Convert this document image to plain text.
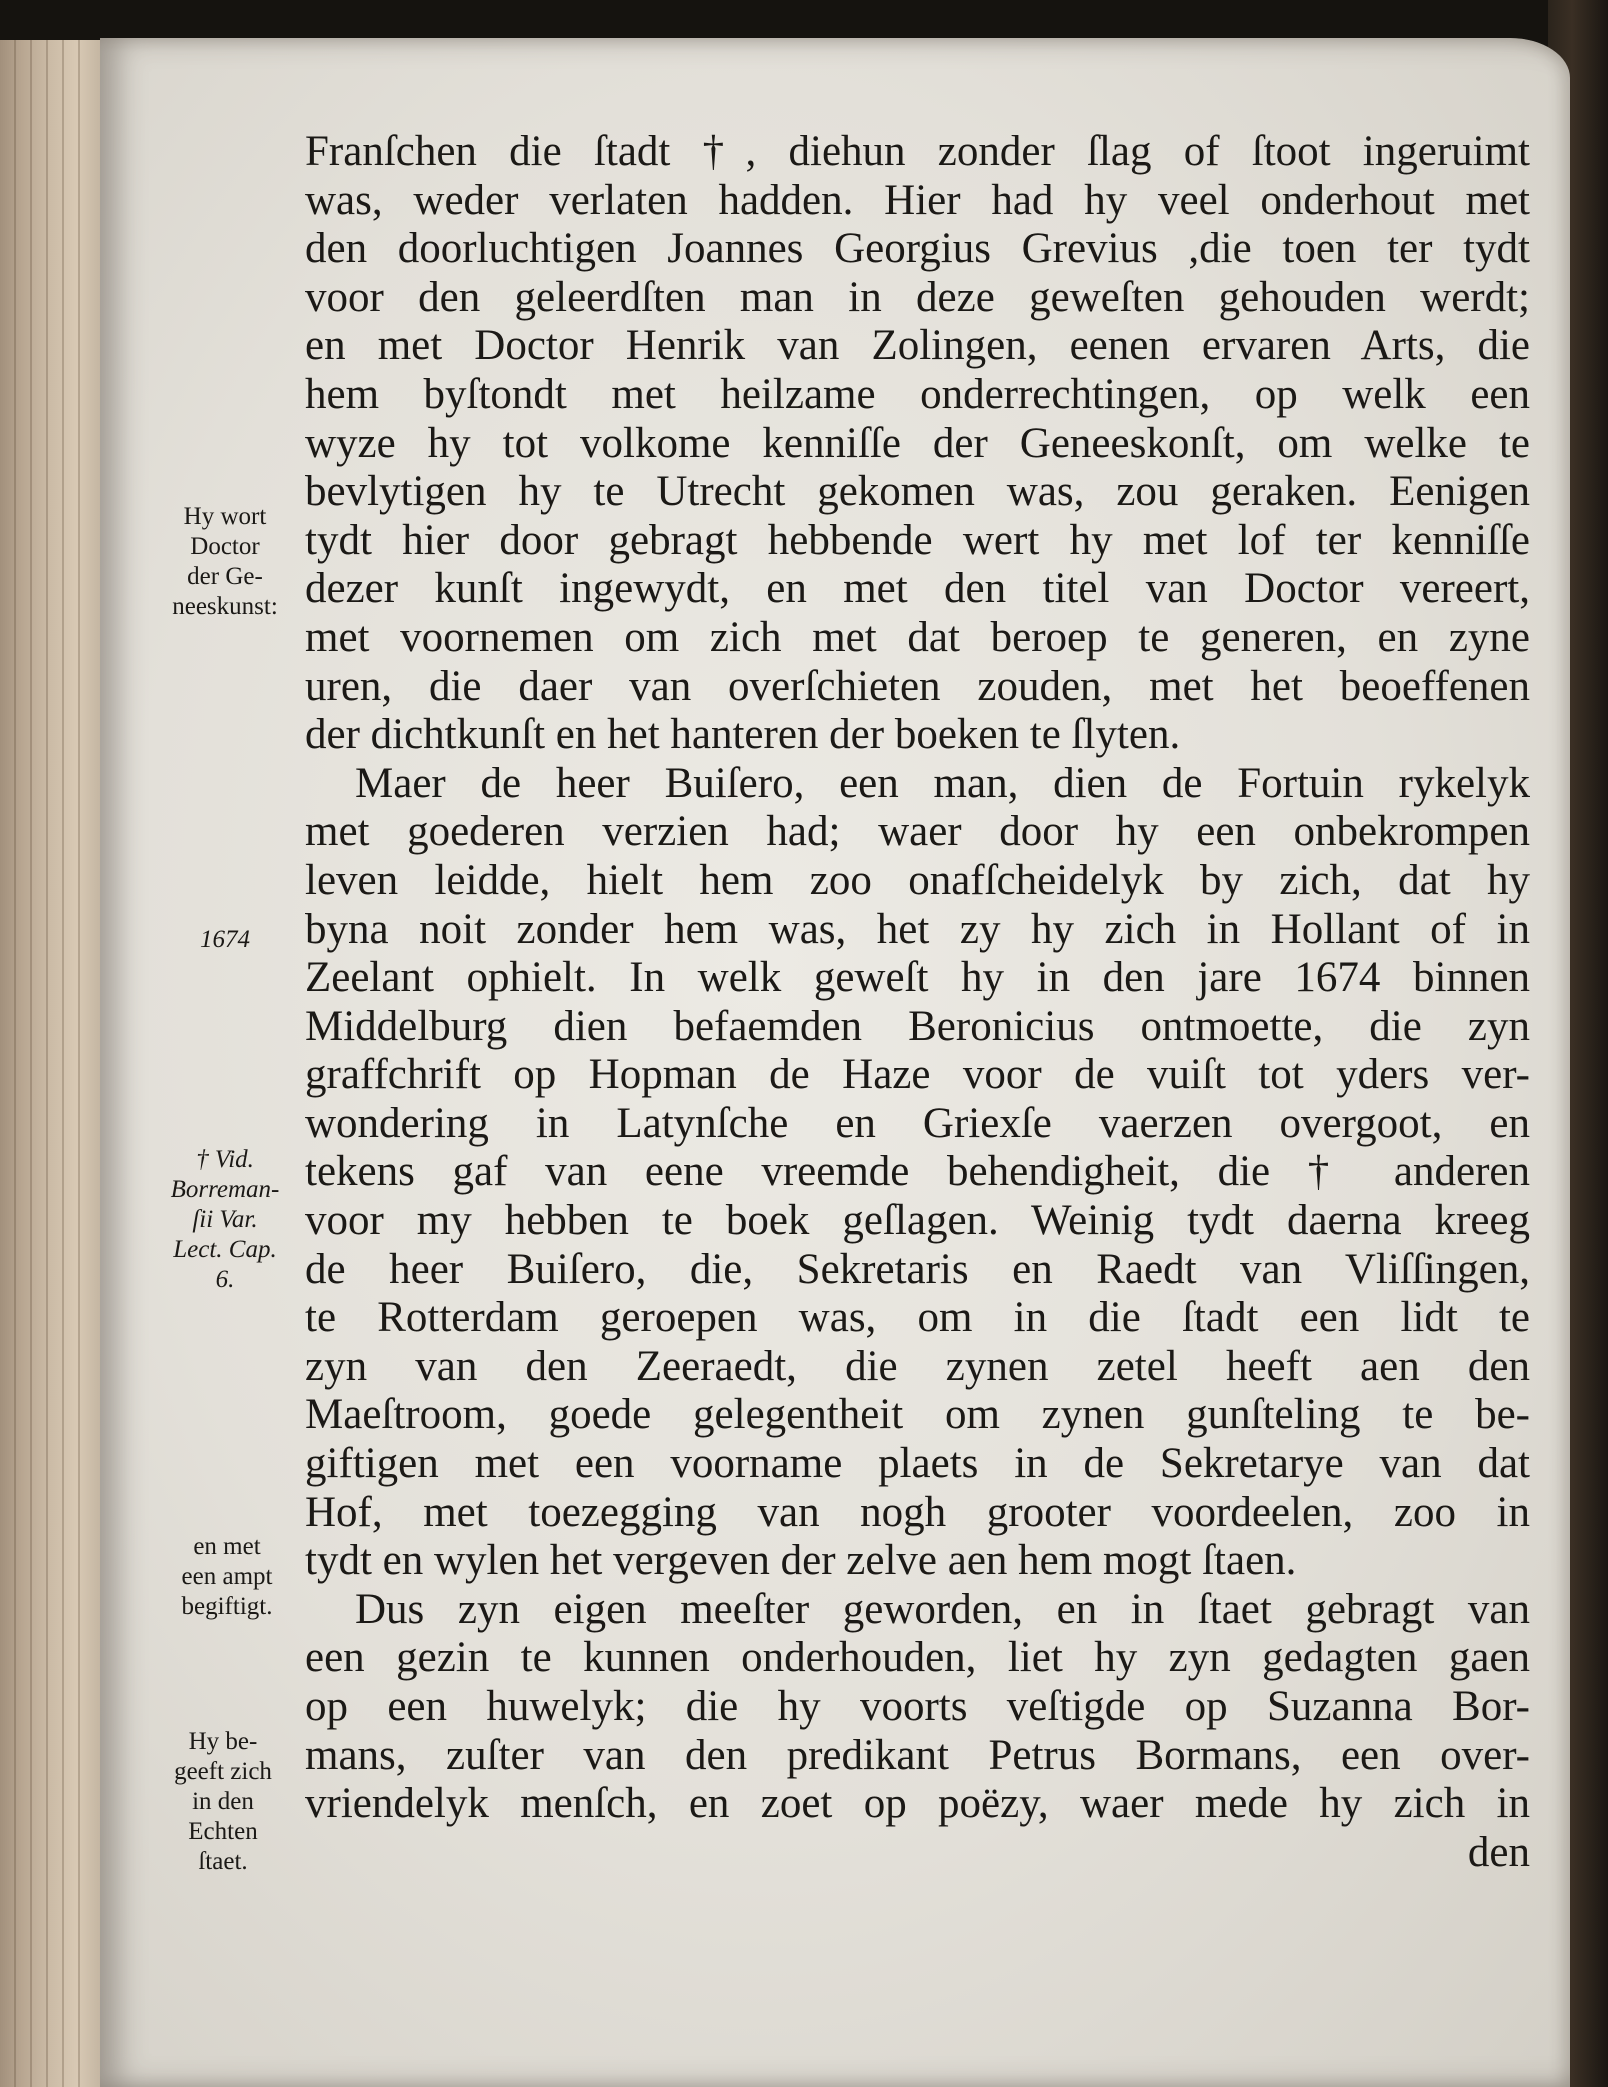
Franſchen die ſtadt †, diehun zonder ſlag of ſtoot ingeruimt
was, weder verlaten hadden. Hier had hy veel onderhout met
den doorluchtigen Joannes Georgius Grevius ,die toen ter tydt
voor den geleerdſten man in deze geweſten gehouden werdt;
en met Doctor Henrik van Zolingen, eenen ervaren Arts, die
hem byſtondt met heilzame onderrechtingen, op welk een
wyze hy tot volkome kenniſſe der Geneeskonſt, om welke te
bevlytigen hy te Utrecht gekomen was, zou geraken. Eenigen
tydt hier door gebragt hebbende wert hy met lof ter kenniſſe
dezer kunſt ingewydt, en met den titel van Doctor vereert,
met voornemen om zich met dat beroep te generen, en zyne
uren, die daer van overſchieten zouden, met het beoeffenen
der dichtkunſt en het hanteren der boeken te ſlyten.
Maer de heer Buiſero, een man, dien de Fortuin rykelyk
met goederen verzien had; waer door hy een onbekrompen
leven leidde, hielt hem zoo onafſcheidelyk by zich, dat hy
byna noit zonder hem was, het zy hy zich in Hollant of in
Zeelant ophielt. In welk geweſt hy in den jare 1674 binnen
Middelburg dien befaemden Beronicius ontmoette, die zyn
graffchrift op Hopman de Haze voor de vuiſt tot yders ver-
wondering in Latynſche en Griexſe vaerzen overgoot, en
tekens gaf van eene vreemde behendigheit, die † anderen
voor my hebben te boek geſlagen. Weinig tydt daerna kreeg
de heer Buiſero, die, Sekretaris en Raedt van Vliſſingen,
te Rotterdam geroepen was, om in die ſtadt een lidt te
zyn van den Zeeraedt, die zynen zetel heeft aen den
Maeſtroom, goede gelegentheit om zynen gunſteling te be-
giftigen met een voorname plaets in de Sekretarye van dat
Hof, met toezegging van nogh grooter voordeelen, zoo in
tydt en wylen het vergeven der zelve aen hem mogt ſtaen.
Dus zyn eigen meeſter geworden, en in ſtaet gebragt van
een gezin te kunnen onderhouden, liet hy zyn gedagten gaen
op een huwelyk; die hy voorts veſtigde op Suzanna Bor-
mans, zuſter van den predikant Petrus Bormans, een over-
vriendelyk menſch, en zoet op poëzy, waer mede hy zich in
den
Hy wort
Doctor
der Ge-
neeskunst:
1674
† Vid.
Borreman-
ſii Var.
Lect. Cap.
6.
en met
een ampt
begiftigt.
Hy be-
geeft zich
in den
Echten
ſtaet.
